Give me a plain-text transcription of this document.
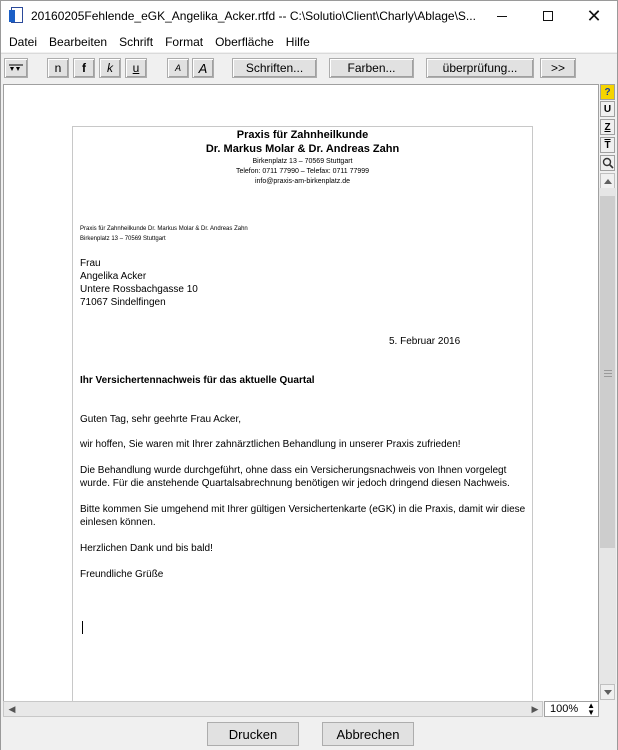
20160205Fehlende_eGK_Angelika_Acker.rtfd -- C:\Solutio\Client\Charly\Ablage\S...	✕
Datei	Bearbeiten	Schrift	Format	Oberfläche	Hilfe
n	f	k	u	A	A	Schriften...	Farben...	überprüfung...	>>
Praxis für Zahnheilkunde
Dr. Markus Molar & Dr. Andreas Zahn
Birkenplatz 13 – 70569 Stuttgart
Telefon: 0711 77990 – Telefax: 0711 77999
info@praxis-am-birkenplatz.de
Praxis für Zahnheilkunde Dr. Markus Molar & Dr. Andreas Zahn
Birkenplatz 13 – 70569 Stuttgart
Frau
Angelika Acker
Untere Rossbachgasse 10
71067 Sindelfingen
5. Februar 2016
Ihr Versichertennachweis für das aktuelle Quartal
Guten Tag, sehr geehrte Frau Acker,
wir hoffen, Sie waren mit Ihrer zahnärztlichen Behandlung in unserer Praxis zufrieden!
Die Behandlung wurde durchgeführt, ohne dass ein Versicherungsnachweis von Ihnen vorgelegt
wurde. Für die anstehende Quartalsabrechnung benötigen wir jedoch dringend diesen Nachweis.
Bitte kommen Sie umgehend mit Ihrer gültigen Versichertenkarte (eGK) in die Praxis, damit wir diese
einlesen können.
Herzlichen Dank und bis bald!
Freundliche Grüße
?
U
Z
$\overline{T}$
◀	▶	100% ▲
▼
Drucken	Abbrechen
